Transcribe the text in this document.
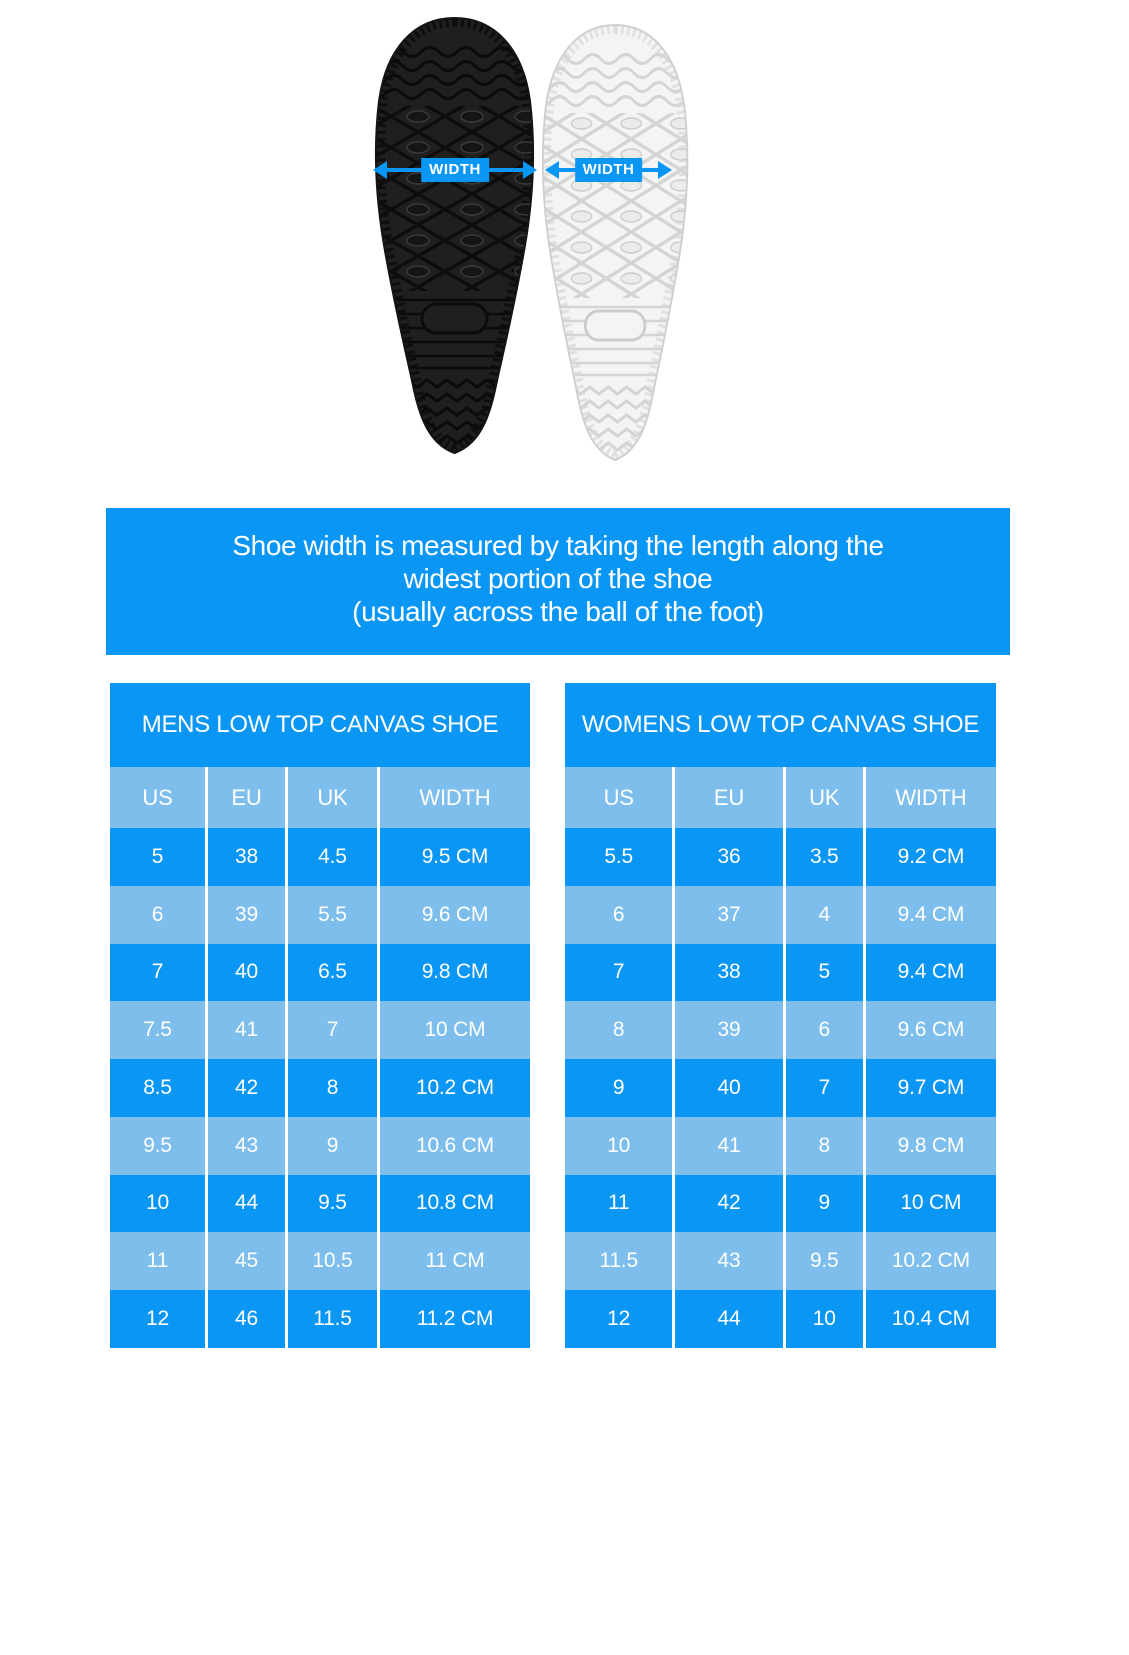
WIDTH	WIDTH
Shoe width is measured by taking the length along the
widest portion of the shoe
(usually across the ball of the foot)
MENS LOW TOP CANVAS SHOE
US	EU	UK	WIDTH
5	38	4.5	9.5 CM
6	39	5.5	9.6 CM
7	40	6.5	9.8 CM
7.5	41	7	10 CM
8.5	42	8	10.2 CM
9.5	43	9	10.6 CM
10	44	9.5	10.8 CM
11	45	10.5	11 CM
12	46	11.5	11.2 CM
WOMENS LOW TOP CANVAS SHOE
US	EU	UK	WIDTH
5.5	36	3.5	9.2 CM
6	37	4	9.4 CM
7	38	5	9.4 CM
8	39	6	9.6 CM
9	40	7	9.7 CM
10	41	8	9.8 CM
11	42	9	10 CM
11.5	43	9.5	10.2 CM
12	44	10	10.4 CM
